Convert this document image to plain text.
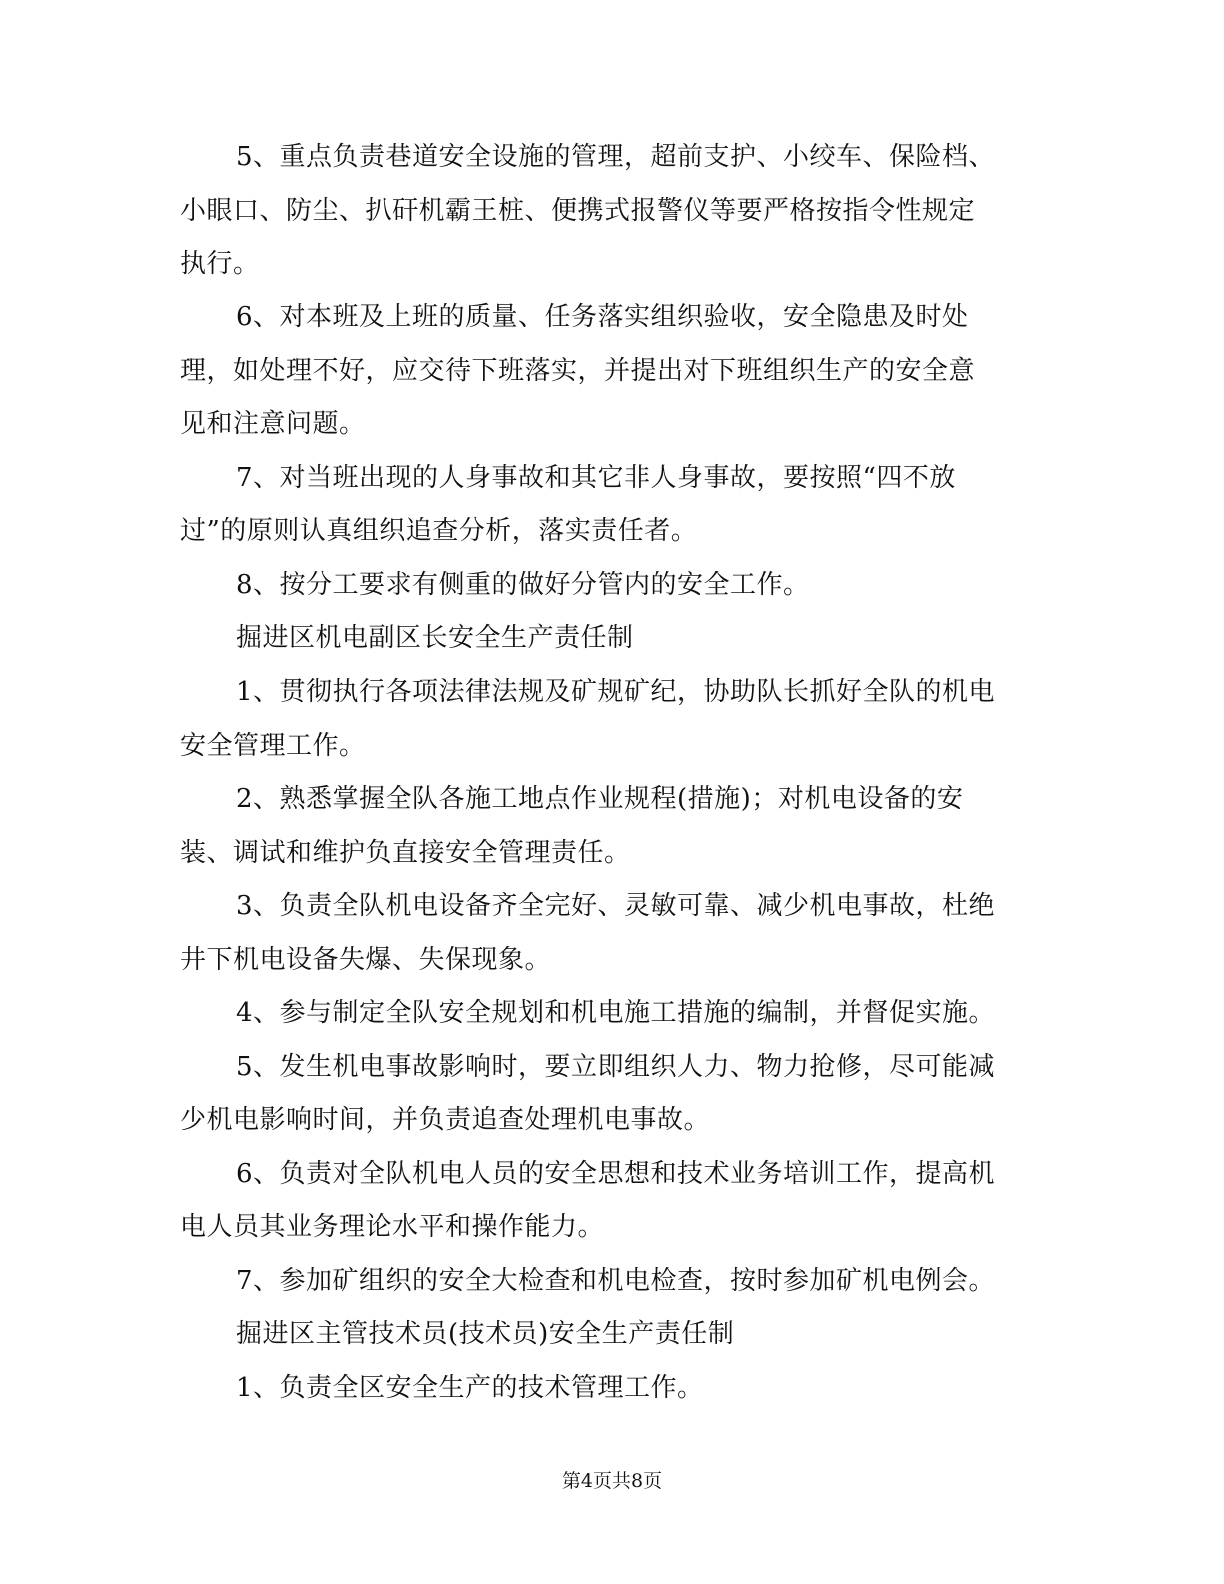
5、重点负责巷道安全设施的管理，超前支护、小绞车、保险档、
小眼口、防尘、扒矸机霸王桩、便携式报警仪等要严格按指令性规定
执行。
6、对本班及上班的质量、任务落实组织验收，安全隐患及时处
理，如处理不好，应交待下班落实，并提出对下班组织生产的安全意
见和注意问题。
7、对当班出现的人身事故和其它非人身事故，要按照“四不放
过”的原则认真组织追查分析，落实责任者。
8、按分工要求有侧重的做好分管内的安全工作。
掘进区机电副区长安全生产责任制
1、贯彻执行各项法律法规及矿规矿纪，协助队长抓好全队的机电
安全管理工作。
2、熟悉掌握全队各施工地点作业规程(措施)；对机电设备的安
装、调试和维护负直接安全管理责任。
3、负责全队机电设备齐全完好、灵敏可靠、减少机电事故，杜绝
井下机电设备失爆、失保现象。
4、参与制定全队安全规划和机电施工措施的编制，并督促实施。
5、发生机电事故影响时，要立即组织人力、物力抢修，尽可能减
少机电影响时间，并负责追查处理机电事故。
6、负责对全队机电人员的安全思想和技术业务培训工作，提高机
电人员其业务理论水平和操作能力。
7、参加矿组织的安全大检查和机电检查，按时参加矿机电例会。
掘进区主管技术员(技术员)安全生产责任制
1、负责全区安全生产的技术管理工作。
第4页共8页
